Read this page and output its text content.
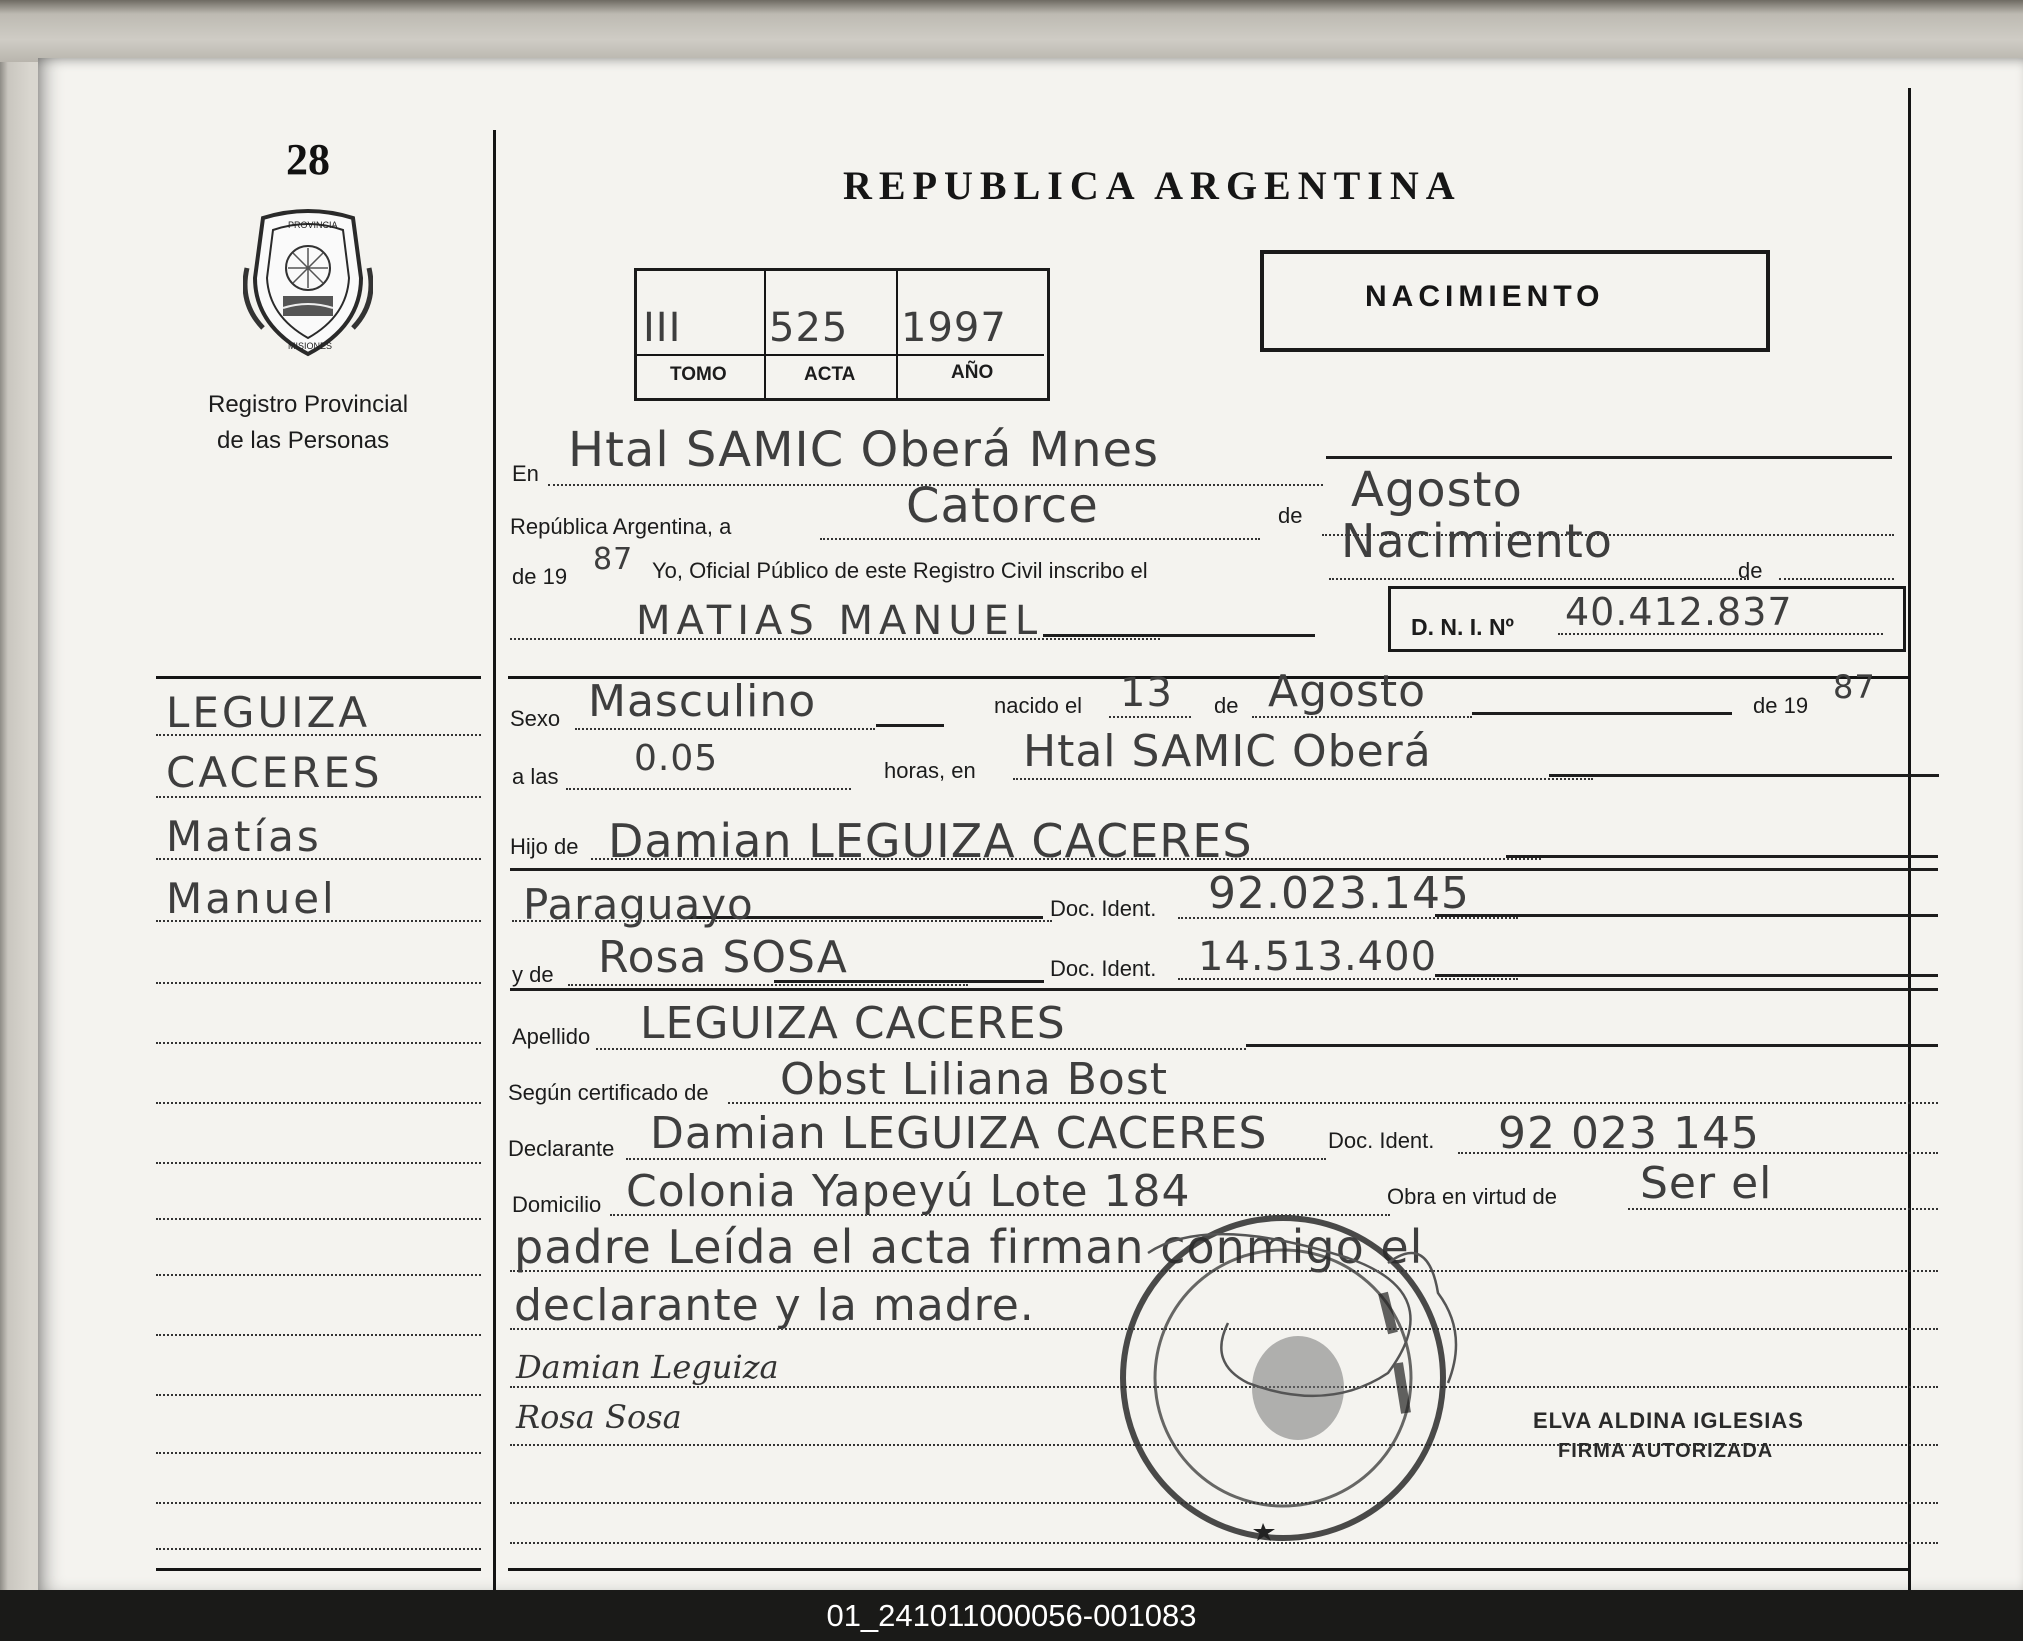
28
PROVINCIA
MISIONES
Registro Provincial
de las Personas
REPUBLICA ARGENTINA
III 525 1997
TOMO	ACTA	AÑO
NACIMIENTO
En Htal SAMIC Oberá Mnes
República Argentina, a	Catorce	de Agosto
de 19 87 Yo, Oficial Público de este Registro Civil inscribo el
Nacimiento
de
MATIAS MANUEL	D. N. I. Nº 40.412.837
Sexo Masculino	nacido el 13 de Agosto	de 19 87
a las 0.05	horas, en Htal SAMIC Oberá
Hijo de Damian LEGUIZA CACERES
Paraguayo	Doc. Ident. 92.023.145
y de Rosa SOSA	Doc. Ident. 14.513.400
Apellido LEGUIZA CACERES
Según certificado de Obst Liliana Bost
Declarante Damian LEGUIZA CACERES	Doc. Ident. 92 023 145
Domicilio Colonia Yapeyú Lote 184	Obra en virtud de Ser el
padre Leída el acta firman conmigo el
declarante y la madre.
Damian Leguiza
Rosa Sosa	ELVA ALDINA IGLESIAS
FIRMA AUTORIZADA
LEGUIZA
CACERES
Matías
Manuel
01_241011000056-001083
